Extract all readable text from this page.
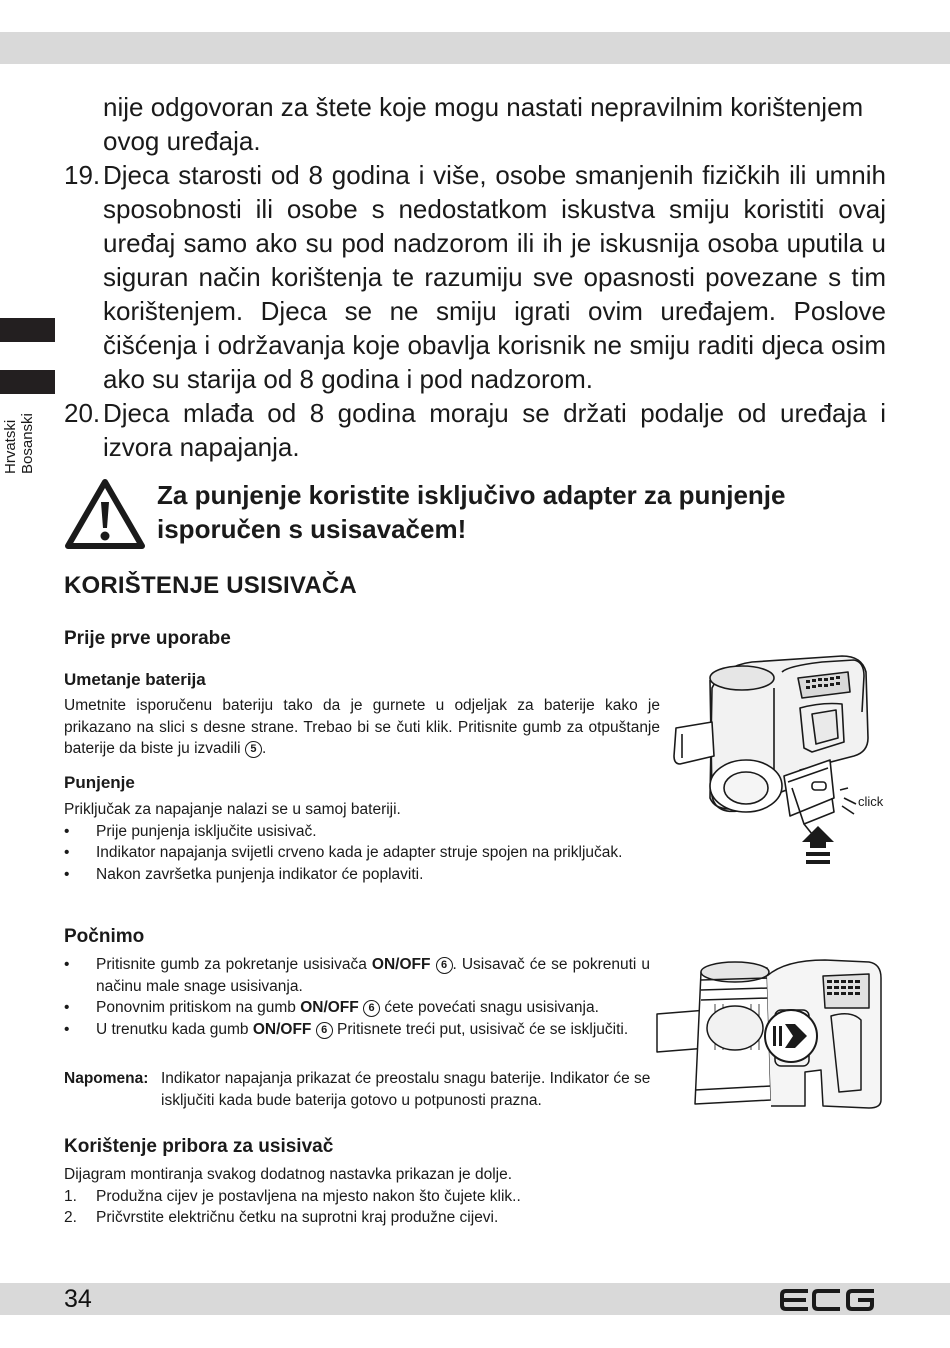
Hrvatski Bosanski

nije odgovoran za štete koje mogu nastati nepravilnim korištenjem

ovog uređaja.

19. Djeca starosti od 8 godina i više, osobe smanjenih fizičkih ili umnih sposobnosti ili osobe s nedostatkom iskustva smiju koristiti ovaj uređaj samo ako su pod nadzorom ili ih je iskusnija osoba uputila u siguran način korištenja te razumiju sve opasnosti povezane s tim korištenjem. Djeca se ne smiju igrati ovim uređajem. Poslove čišćenja i održavanja koje obavlja korisnik ne smiju raditi djeca osim ako su starija od 8 godina i pod nadzorom.
20. Djeca mlađa od 8 godina moraju se držati podalje od uređaja i izvora napajanja.
Za punjenje koristite isključivo adapter za punjenje
isporučen s usisavačem!
KORIŠTENJE USISIVAČA
Prije prve uporabe
Umetanje baterija

Umetnite isporučenu bateriju tako da je gurnete u odjeljak za baterije kako je prikazano na slici s desne strane. Trebao bi se čuti klik. Pritisnite gumb za otpuštanje baterije da biste ju izvadili 5 .

Punjenje

Priključak za napajanje nalazi se u samoj bateriji.

•	Prije punjenja isključite usisivač.
•	Indikator napajanja svijetli crveno kada je adapter struje spojen na priključak.
•	Nakon završetka punjenja indikator će poplaviti.
Počnimo
•	Pritisnite gumb za pokretanje usisivača ON/OFF 6 . Usisavač će se pokrenuti u načinu male snage usisivanja.
•	Ponovnim pritiskom na gumb ON/OFF 6 ćete povećati snagu usisivanja.
•	U trenutku kada gumb ON/OFF 6 Pritisnete treći put, usisivač će se isključiti.
Napomena: Indikator napajanja prikazat će preostalu snagu baterije. Indikator će se isključiti kada bude baterija gotovo u potpunosti prazna.
Korištenje pribora za usisivač

Dijagram montiranja svakog dodatnog nastavka prikazan je dolje.

1.	Produžna cijev je postavljena na mjesto nakon što čujete klik..
2.	Pričvrstite električnu četku na suprotni kraj produžne cijevi.
click
34
